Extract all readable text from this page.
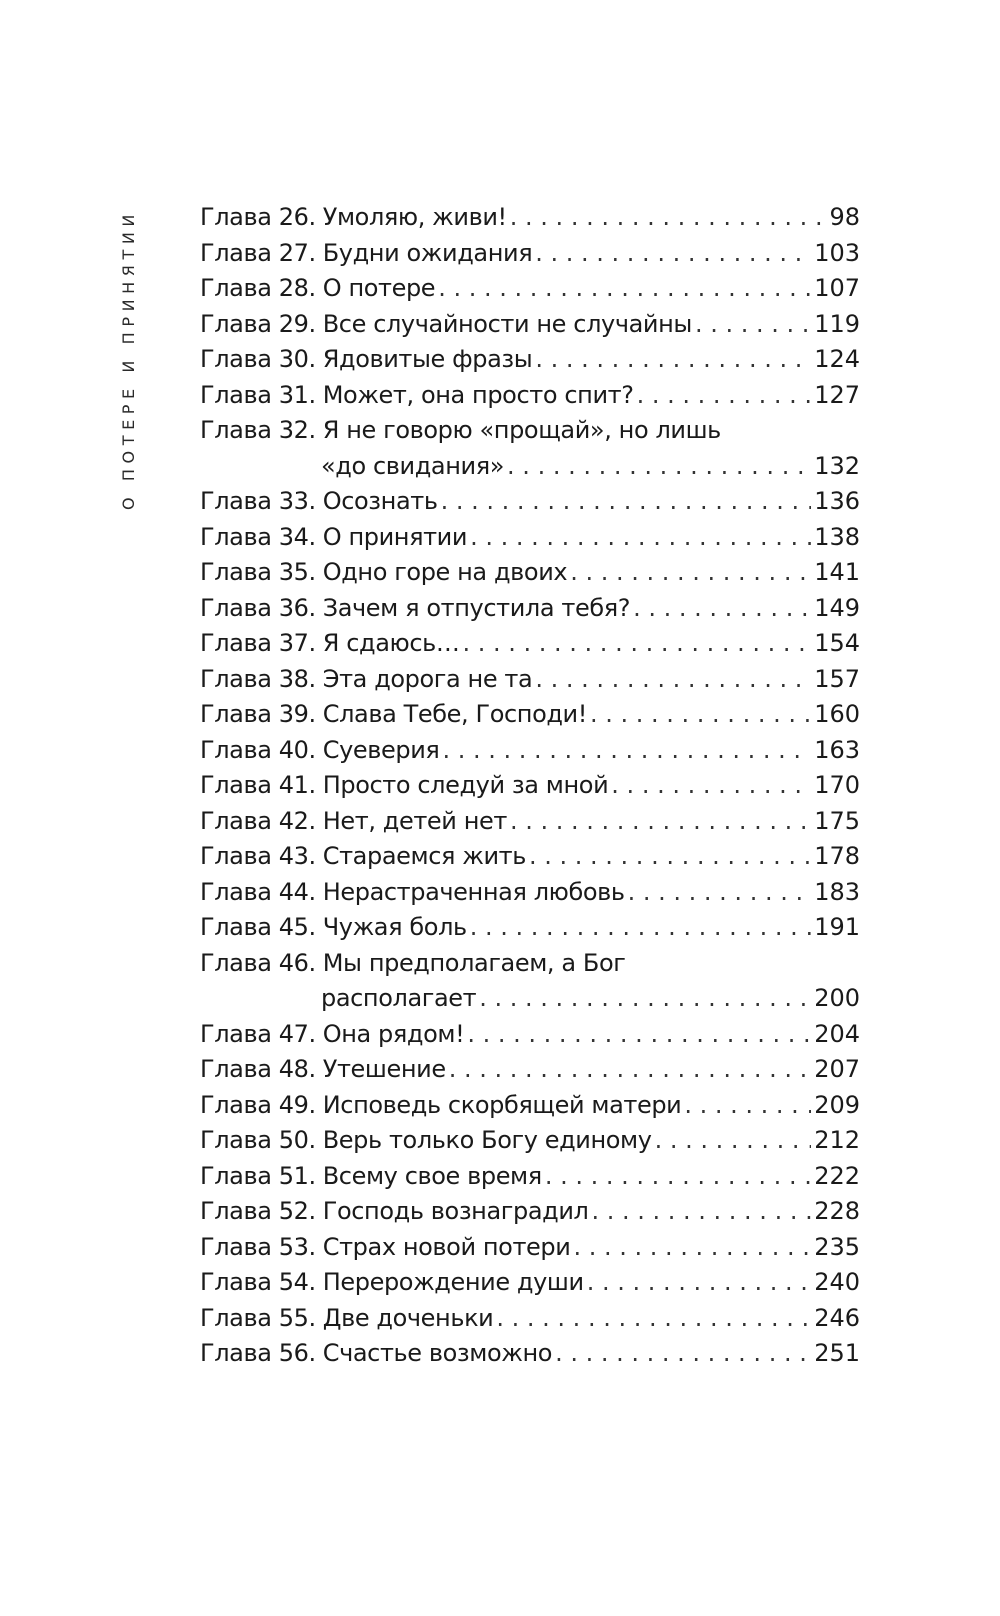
О ПОТЕРЕ И ПРИНЯТИИ	Глава 26. Умоляю, живи! . . .	98
Глава 27. Будни ожидания . . .	103
Глава 28. О потере . . .	107
Глава 29. Все случайности не случайны . . .	119
Глава 30. Ядовитые фразы . . .	124
Глава 31. Может, она просто спит? . . .	127
Глава 32. Я не говорю «прощай», но лишь
«до свидания» . . .	132
Глава 33. Осознать . . .	136
Глава 34. О принятии . . .	138
Глава 35. Одно горе на двоих . . .	141
Глава 36. Зачем я отпустила тебя? . . .	149
Глава 37. Я сдаюсь… . . .	154
Глава 38. Эта дорога не та . . .	157
Глава 39. Слава Тебе, Господи! . . .	160
Глава 40. Суеверия . . .	163
Глава 41. Просто следуй за мной . . .	170
Глава 42. Нет, детей нет . . .	175
Глава 43. Стараемся жить . . .	178
Глава 44. Нерастраченная любовь . . .	183
Глава 45. Чужая боль . . .	191
Глава 46. Мы предполагаем, а Бог
располагает . . .	200
Глава 47. Она рядом! . . .	204
Глава 48. Утешение . . .	207
Глава 49. Исповедь скорбящей матери . . .	209
Глава 50. Верь только Богу единому . . .	212
Глава 51. Всему свое время . . .	222
Глава 52. Господь вознаградил . . .	228
Глава 53. Страх новой потери . . .	235
Глава 54. Перерождение души . . .	240
Глава 55. Две доченьки . . .	246
Глава 56. Счастье возможно . . .	251
